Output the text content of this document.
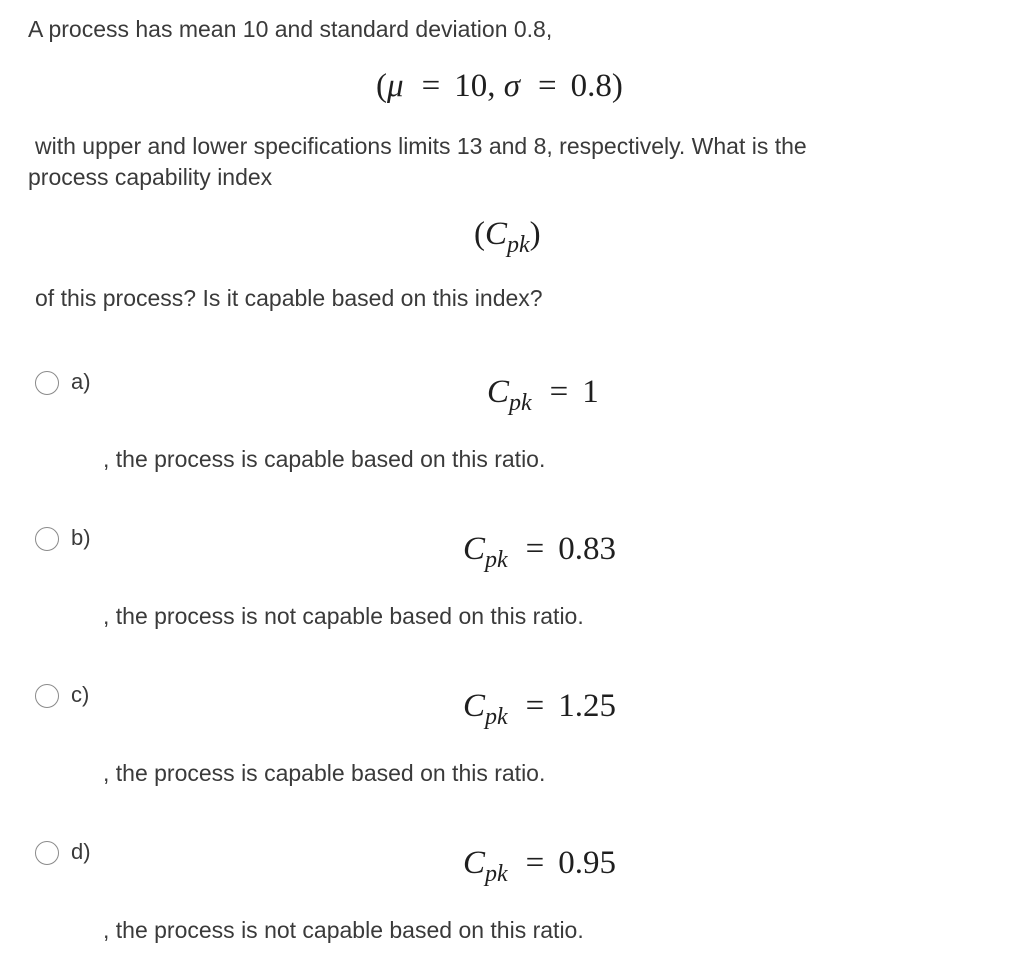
A process has mean 10 and standard deviation 0.8,
(μ = 10, σ = 0.8)
with upper and lower specifications limits 13 and 8, respectively. What is the
process capability index
$(C_{pk})$
of this process? Is it capable based on this index?
a)	$C_{pk} = 1$
, the process is capable based on this ratio.
b)	$C_{pk} = 0.83$
, the process is not capable based on this ratio.
c)	$C_{pk} = 1.25$
, the process is capable based on this ratio.
d)	$C_{pk} = 0.95$
, the process is not capable based on this ratio.
